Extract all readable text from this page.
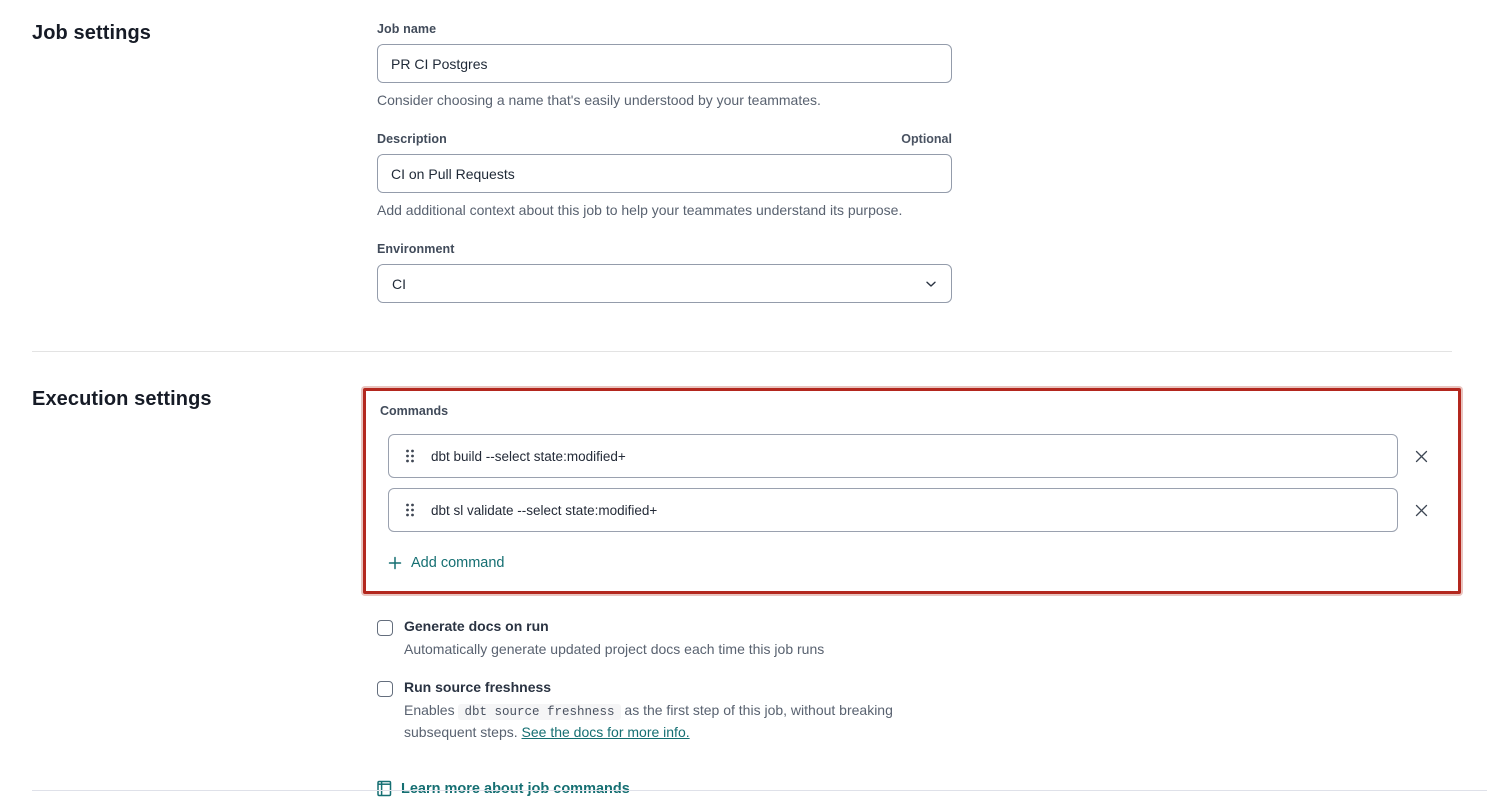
Job settings	Job name
PR CI Postgres
Consider choosing a name that's easily understood by your teammates.
Description	Optional
CI on Pull Requests
Add additional context about this job to help your teammates understand its purpose.
Environment
CI
Execution settings
Commands
dbt build --select state:modified+
dbt sl validate --select state:modified+
Add command
Generate docs on run
Automatically generate updated project docs each time this job runs
Run source freshness
Enables dbt source freshness as the first step of this job, without breaking subsequent steps. See the docs for more info.
Learn more about job commands
